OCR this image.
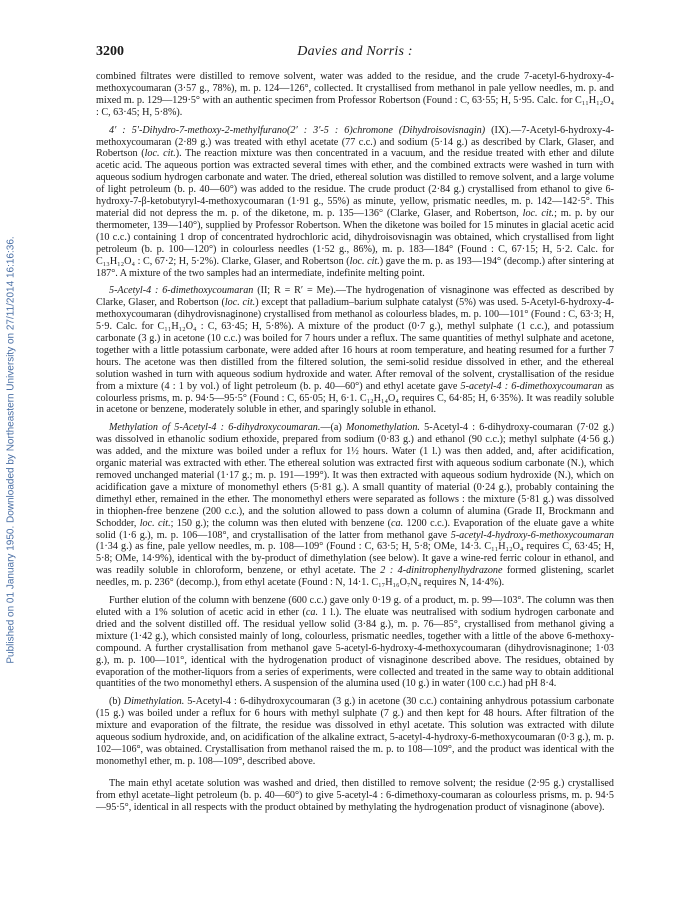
Published on 01 January 1950. Downloaded by Northeastern University on 27/11/2014 16:16:36.
3200	Davies and Norris :

combined filtrates were distilled to remove solvent, water was added to the residue, and the crude 7-acetyl-6-hydroxy-4-methoxycoumaran (3·57 g., 78%), m. p. 124—126°, collected. It crystallised from methanol in pale yellow needles, m. p. and mixed m. p. 129—129·5° with an authentic specimen from Professor Robertson (Found : C, 63·55; H, 5·95. Calc. for C₁₁H₁₂O₄ : C, 63·45; H, 5·8%).

4′ : 5′-Dihydro-7-methoxy-2-methylfurano(2′ : 3′-5 : 6)chromone (Dihydroisovisnagin) (IX).—7-Acetyl-6-hydroxy-4-methoxycoumaran (2·89 g.) was treated with ethyl acetate (77 c.c.) and sodium (5·14 g.) as described by Clark, Glaser, and Robertson (loc. cit.). The reaction mixture was then concentrated in a vacuum, and the residue treated with ether and dilute acetic acid. The aqueous portion was extracted several times with ether, and the combined extracts were washed in turn with aqueous sodium hydrogen carbonate and water. The dried, ethereal solution was distilled to remove solvent, and a large volume of light petroleum (b. p. 40—60°) was added to the residue. The crude product (2·84 g.) crystallised from ethanol to give 6-hydroxy-7-β-ketobutyryl-4-methoxycoumaran (1·91 g., 55%) as minute, yellow, prismatic needles, m. p. 142—142·5°. This material did not depress the m. p. of the diketone, m. p. 135—136° (Clarke, Glaser, and Robertson, loc. cit.; m. p. by our thermometer, 139—140°), supplied by Professor Robertson. When the diketone was boiled for 15 minutes in glacial acetic acid (10 c.c.) containing 1 drop of concentrated hydrochloric acid, dihydroisovisnagin was obtained, which crystallised from light petroleum (b. p. 100—120°) in colourless needles (1·52 g., 86%), m. p. 183—184° (Found : C, 67·15; H, 5·2. Calc. for C₁₃H₁₂O₄ : C, 67·2; H, 5·2%). Clarke, Glaser, and Robertson (loc. cit.) gave the m. p. as 193—194° (decomp.) after sintering at 187°. A mixture of the two samples had an intermediate, indefinite melting point.

5-Acetyl-4 : 6-dimethoxycoumaran (II; R = R′ = Me).—The hydrogenation of visnaginone was effected as described by Clarke, Glaser, and Robertson (loc. cit.) except that palladium–barium sulphate catalyst (5%) was used. 5-Acetyl-6-hydroxy-4-methoxycoumaran (dihydrovisnaginone) crystallised from methanol as colourless blades, m. p. 100—101° (Found : C, 63·3; H, 5·9. Calc. for C₁₁H₁₂O₄ : C, 63·45; H, 5·8%). A mixture of the product (0·7 g.), methyl sulphate (1 c.c.), and potassium carbonate (3 g.) in acetone (10 c.c.) was boiled for 7 hours under a reflux. The same quantities of methyl sulphate and acetone, together with a little potassium carbonate, were added after 16 hours at room temperature, and heating resumed for a further 7 hours. The acetone was then distilled from the filtered solution, the semi-solid residue dissolved in ether, and the ethereal solution washed in turn with aqueous sodium hydroxide and water. After removal of the solvent, crystallisation of the residue from a mixture (4 : 1 by vol.) of light petroleum (b. p. 40—60°) and ethyl acetate gave 5-acetyl-4 : 6-dimethoxycoumaran as colourless prisms, m. p. 94·5—95·5° (Found : C, 65·05; H, 6·1. C₁₂H₁₄O₄ requires C, 64·85; H, 6·35%). It was readily soluble in acetone or benzene, moderately soluble in ether, and sparingly soluble in ethanol.

Methylation of 5-Acetyl-4 : 6-dihydroxycoumaran.—(a) Monomethylation. 5-Acetyl-4 : 6-dihydroxy-coumaran (7·02 g.) was dissolved in ethanolic sodium ethoxide, prepared from sodium (0·83 g.) and ethanol (90 c.c.); methyl sulphate (4·56 g.) was added, and the mixture was boiled under a reflux for 1½ hours. Water (1 l.) was then added, and, after acidification, organic material was extracted with ether. The ethereal solution was extracted first with aqueous sodium carbonate (N.), which removed unchanged material (1·17 g.; m. p. 191—199°). It was then extracted with aqueous sodium hydroxide (N.), which on acidification gave a mixture of monomethyl ethers (5·81 g.). A small quantity of material (0·24 g.), probably containing the dimethyl ether, remained in the ether. The monomethyl ethers were separated as follows : the mixture (5·81 g.) was dissolved in thiophen-free benzene (200 c.c.), and the solution allowed to pass down a column of alumina (Grade II, Brockmann and Schodder, loc. cit.; 150 g.); the column was then eluted with benzene (ca. 1200 c.c.). Evaporation of the eluate gave a white solid (1·6 g.), m. p. 106—108°, and crystallisation of the latter from methanol gave 5-acetyl-4-hydroxy-6-methoxycoumaran (1·34 g.) as fine, pale yellow needles, m. p. 108—109° (Found : C, 63·5; H, 5·8; OMe, 14·3. C₁₁H₁₂O₄ requires C, 63·45; H, 5·8; OMe, 14·9%), identical with the by-product of dimethylation (see below). It gave a wine-red ferric colour in ethanol, and was readily soluble in chloroform, benzene, or ethyl acetate. The 2 : 4-dinitrophenylhydrazone formed glistening, scarlet needles, m. p. 236° (decomp.), from ethyl acetate (Found : N, 14·1. C₁₇H₁₆O₇N₄ requires N, 14·4%).

Further elution of the column with benzene (600 c.c.) gave only 0·19 g. of a product, m. p. 99—103°. The column was then eluted with a 1% solution of acetic acid in ether (ca. 1 l.). The eluate was neutralised with sodium hydrogen carbonate and dried and the solvent distilled off. The residual yellow solid (3·84 g.), m. p. 76—85°, crystallised from methanol giving a mixture (1·42 g.), which consisted mainly of long, colourless, prismatic needles, together with a little of the above 6-methoxy-compound. A further crystallisation from methanol gave 5-acetyl-6-hydroxy-4-methoxycoumaran (dihydrovisnaginone; 1·03 g.), m. p. 100—101°, identical with the hydrogenation product of visnaginone described above. The residues, obtained by evaporation of the mother-liquors from a series of experiments, were collected and treated in the same way to obtain additional quantities of the two monomethyl ethers. A suspension of the alumina used (10 g.) in water (100 c.c.) had pH 8·4.

(b) Dimethylation. 5-Acetyl-4 : 6-dihydroxycoumaran (3 g.) in acetone (30 c.c.) containing anhydrous potassium carbonate (15 g.) was boiled under a reflux for 6 hours with methyl sulphate (7 g.) and then kept for 48 hours. After filtration of the mixture and evaporation of the filtrate, the residue was dissolved in ethyl acetate. This solution was extracted with dilute aqueous sodium hydroxide, and, on acidification of the alkaline extract, 5-acetyl-4-hydroxy-6-methoxycoumaran (0·3 g.), m. p. 102—106°, was obtained. Crystallisation from methanol raised the m. p. to 108—109°, and the product was identical with the monomethyl ether, m. p. 108—109°, described above.

The main ethyl acetate solution was washed and dried, then distilled to remove solvent; the residue (2·95 g.) crystallised from ethyl acetate–light petroleum (b. p. 40—60°) to give 5-acetyl-4 : 6-dimethoxy-coumaran as colourless prisms, m. p. 94·5—95·5°, identical in all respects with the product obtained by methylating the hydrogenation product of visnaginone (above).
